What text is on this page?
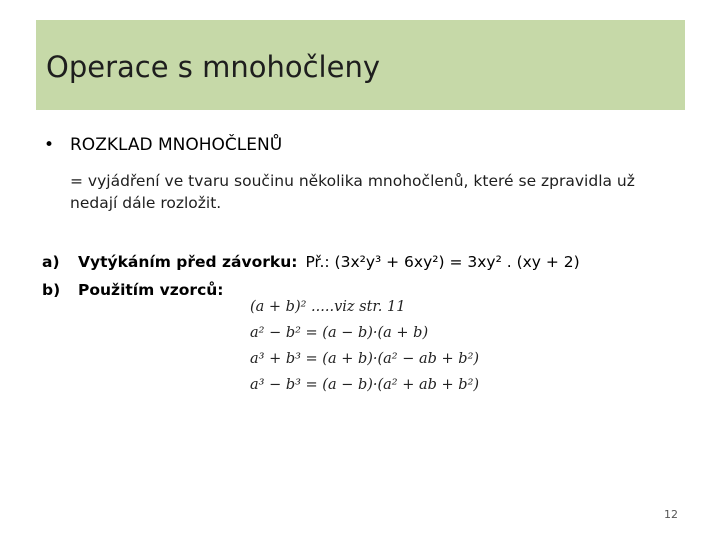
Operace s mnohočleny
• ROZKLAD MNOHOČLENŮ
= vyjádření ve tvaru součinu několika mnohočlenů, které se zpravidla už nedají dále rozložit.
a) Vytýkáním před závorku: Př.: (3x²y³ + 6xy²) = 3xy² . (xy + 2)
b) Použitím vzorců:
(a + b)² .....viz str. 11
a² − b² = (a − b)·(a + b)
a³ + b³ = (a + b)·(a² − ab + b²)
a³ − b³ = (a − b)·(a² + ab + b²)
12
